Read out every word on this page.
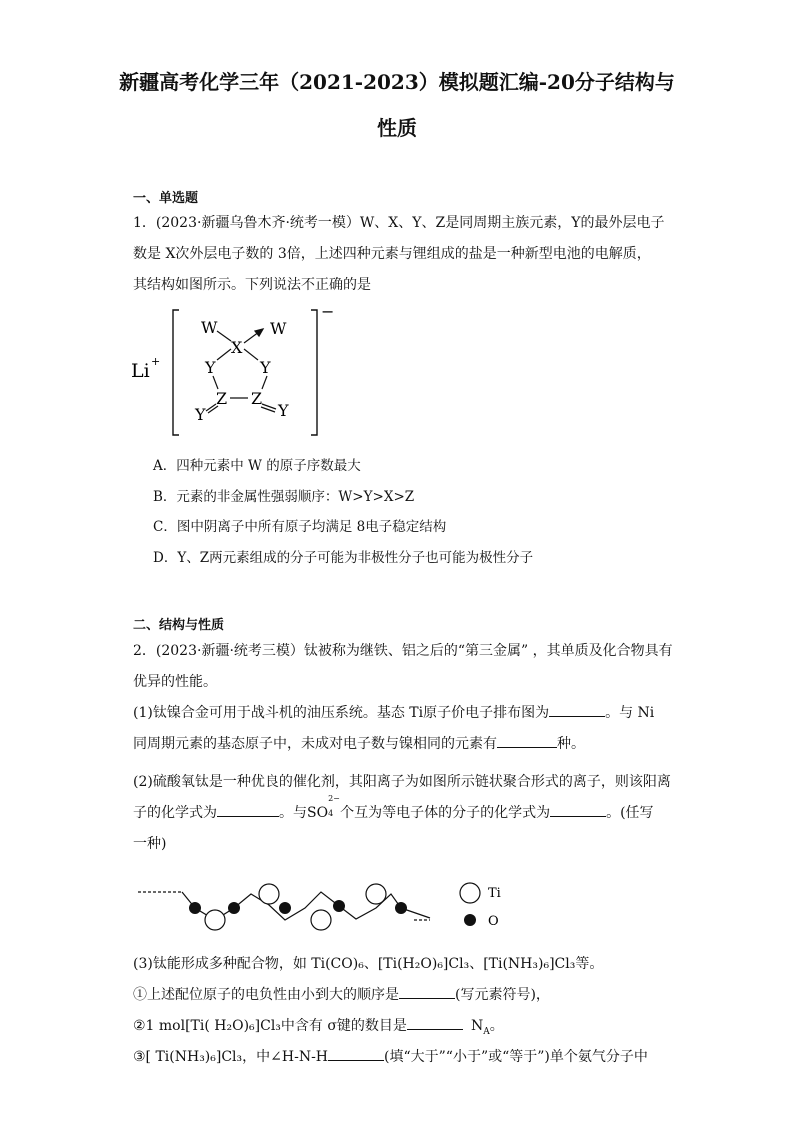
新疆高考化学三年（2021-2023）模拟题汇编-20分子结构与
性质
一、单选题
1．(2023·新疆乌鲁木齐·统考一模）W、X、Y、Z是同周期主族元素，Y的最外层电子
数是 X次外层电子数的 3倍，上述四种元素与锂组成的盐是一种新型电池的电解质，
其结构如图所示。下列说法不正确的是
Li +
−
W	W
X
Y	Y
Z Z
Y	Y
A．四种元素中 W 的原子序数最大
B．元素的非金属性强弱顺序：W>Y>X>Z
C．图中阴离子中所有原子均满足 8电子稳定结构
D．Y、Z两元素组成的分子可能为非极性分子也可能为极性分子
二、结构与性质
2．(2023·新疆·统考三模）钛被称为继铁、铝之后的“第三金属” ，其单质及化合物具有
优异的性能。
(1)钛镍合金可用于战斗机的油压系统。基态 Ti原子价电子排布图为	。与 Ni
同周期元素的基态原子中，未成对电子数与镍相同的元素有	种。
(2)硫酸氧钛是一种优良的催化剂，其阳离子为如图所示链状聚合形式的离子，则该阳离
子的化学式为	。与SO
2−
4 个互为等电子体的分子的化学式为	。(任写
一种)
Ti
O
(3)钛能形成多种配合物，如 Ti(CO)₆、[Ti(H₂O)₆]Cl₃、[Ti(NH₃)₆]Cl₃等。
①上述配位原子的电负性由小到大的顺序是	(写元素符号)，
②1 mol[Ti( H₂O)₆]Cl₃中含有 σ键的数目是	$N_A$。
③[ Ti(NH₃)₆]Cl₃，中∠H-N-H	(填“大于”“小于”或“等于”)单个氨气分子中
